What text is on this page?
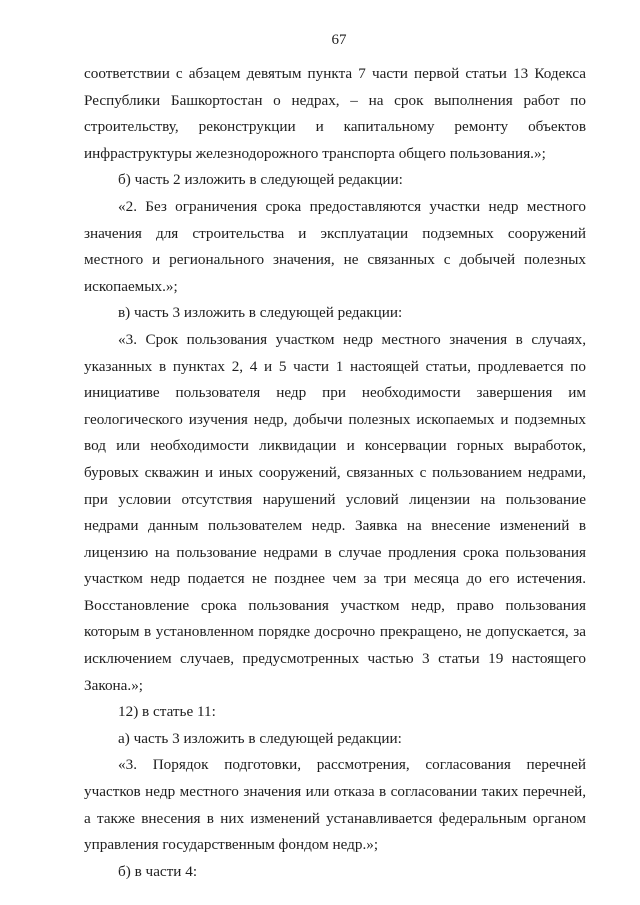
67

соответствии с абзацем девятым пункта 7 части первой статьи 13 Кодекса Республики Башкортостан о недрах, – на срок выполнения работ по строительству, реконструкции и капитальному ремонту объектов инфраструктуры железнодорожного транспорта общего пользования.»;

б) часть 2 изложить в следующей редакции:

«2. Без ограничения срока предоставляются участки недр местного значения для строительства и эксплуатации подземных сооружений местного и регионального значения, не связанных с добычей полезных ископаемых.»;

в) часть 3 изложить в следующей редакции:

«3. Срок пользования участком недр местного значения в случаях, указанных в пунктах 2, 4 и 5 части 1 настоящей статьи, продлевается по инициативе пользователя недр при необходимости завершения им геологического изучения недр, добычи полезных ископаемых и подземных вод или необходимости ликвидации и консервации горных выработок, буровых скважин и иных сооружений, связанных с пользованием недрами, при условии отсутствия нарушений условий лицензии на пользование недрами данным пользователем недр. Заявка на внесение изменений в лицензию на пользование недрами в случае продления срока пользования участком недр подается не позднее чем за три месяца до его истечения. Восстановление срока пользования участком недр, право пользования которым в установленном порядке досрочно прекращено, не допускается, за исключением случаев, предусмотренных частью 3 статьи 19 настоящего Закона.»;

12) в статье 11:

а) часть 3 изложить в следующей редакции:

«3. Порядок подготовки, рассмотрения, согласования перечней участков недр местного значения или отказа в согласовании таких перечней, а также внесения в них изменений устанавливается федеральным органом управления государственным фондом недр.»;

б) в части 4:
